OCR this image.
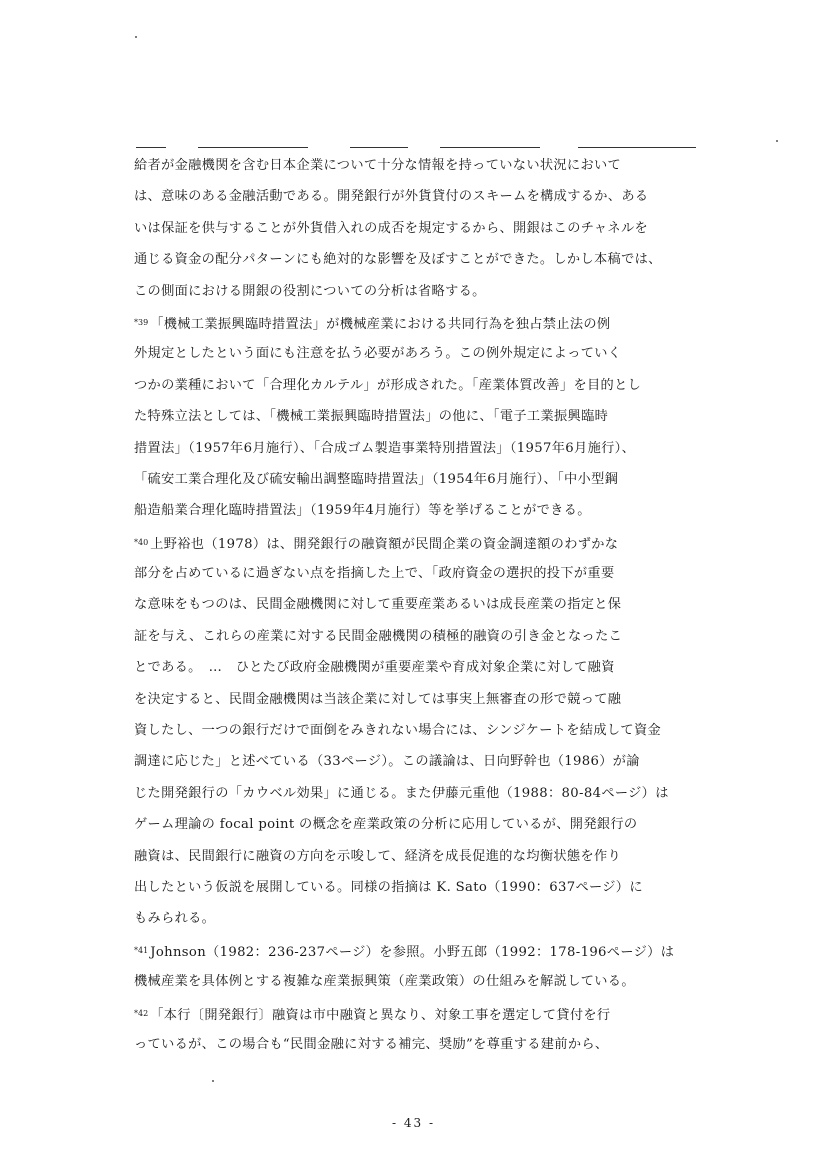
給者が金融機関を含む日本企業について十分な情報を持っていない状況において
は、意味のある金融活動である。開発銀行が外貨貸付のスキームを構成するか、ある
いは保証を供与することが外貨借入れの成否を規定するから、開銀はこのチャネルを
通じる資金の配分パターンにも絶対的な影響を及ぼすことができた。しかし本稿では、
この側面における開銀の役割についての分析は省略する。
$^{*39}$ 「機械工業振興臨時措置法」が機械産業における共同行為を独占禁止法の例
外規定としたという面にも注意を払う必要があろう。この例外規定によっていく
つかの業種において「合理化カルテル」が形成された。「産業体質改善」を目的とし
た特殊立法としては、「機械工業振興臨時措置法」の他に、「電子工業振興臨時
措置法」（1957年6月施行）、「合成ゴム製造事業特別措置法」（1957年6月施行）、
「硫安工業合理化及び硫安輸出調整臨時措置法」（1954年6月施行）、「中小型鋼
船造船業合理化臨時措置法」（1959年4月施行）等を挙げることができる。
$^{*40}$ 上野裕也（1978）は、開発銀行の融資額が民間企業の資金調達額のわずかな
部分を占めているに過ぎない点を指摘した上で、「政府資金の選択的投下が重要
な意味をもつのは、民間金融機関に対して重要産業あるいは成長産業の指定と保
証を与え、これらの産業に対する民間金融機関の積極的融資の引き金となったこ
とである。　…　ひとたび政府金融機関が重要産業や育成対象企業に対して融資
を決定すると、民間金融機関は当該企業に対しては事実上無審査の形で競って融
資したし、一つの銀行だけで面倒をみきれない場合には、シンジケートを結成して資金
調達に応じた」と述べている（33ページ）。この議論は、日向野幹也（1986）が論
じた開発銀行の「カウベル効果」に通じる。また伊藤元重他（1988：80-84ページ）は
ゲーム理論の focal point の概念を産業政策の分析に応用しているが、開発銀行の
融資は、民間銀行に融資の方向を示唆して、経済を成長促進的な均衡状態を作り
出したという仮説を展開している。同様の指摘は K. Sato（1990：637ページ）に
もみられる。
$^{*41}$ Johnson（1982：236-237ページ）を参照。小野五郎（1992：178-196ページ）は
機械産業を具体例とする複雑な産業振興策（産業政策）の仕組みを解説している。
$^{*42}$ 「本行〔開発銀行〕融資は市中融資と異なり、対象工事を選定して貸付を行
っているが、この場合も“民間金融に対する補完、奨励”を尊重する建前から、
- 43 -
